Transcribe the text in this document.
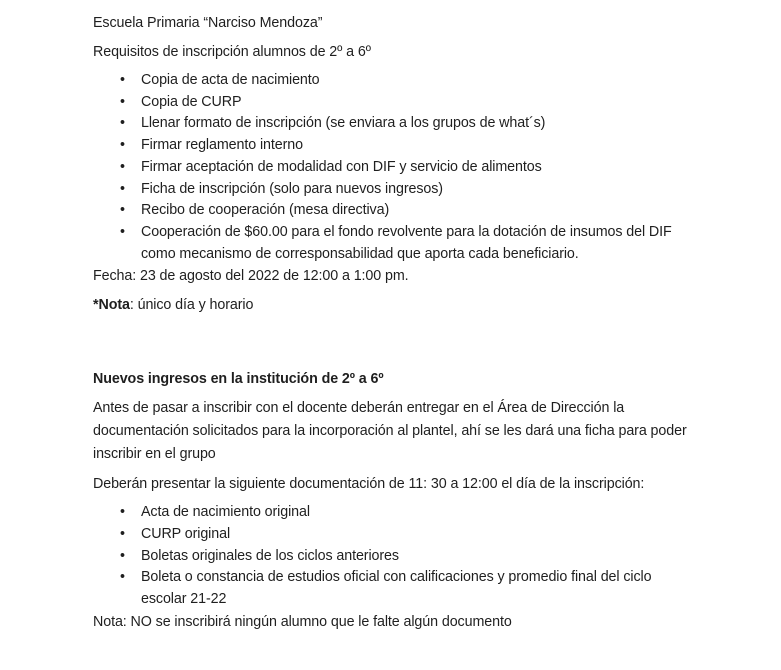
Escuela Primaria “Narciso Mendoza”

Requisitos de inscripción alumnos de 2º a 6º

• Copia de acta de nacimiento
• Copia de CURP
• Llenar formato de inscripción (se enviara a los grupos de what´s)
• Firmar reglamento interno
• Firmar aceptación de modalidad con DIF y servicio de alimentos
• Ficha de inscripción (solo para nuevos ingresos)
• Recibo de cooperación (mesa directiva)
• Cooperación de $60.00 para el fondo revolvente para la dotación de insumos del DIF como mecanismo de corresponsabilidad que aporta cada beneficiario.

Fecha: 23 de agosto del 2022 de 12:00 a 1:00 pm.

*Nota: único día y horario

Nuevos ingresos en la institución de 2º a 6º

Antes de pasar a inscribir con el docente deberán entregar en el Área de Dirección la documentación solicitados para la incorporación al plantel, ahí se les dará una ficha para poder inscribir en el grupo

Deberán presentar la siguiente documentación de 11: 30 a 12:00 el día de la inscripción:

• Acta de nacimiento original
• CURP original
• Boletas originales de los ciclos anteriores
• Boleta o constancia de estudios oficial con calificaciones y promedio final del ciclo escolar 21-22

Nota: NO se inscribirá ningún alumno que le falte algún documento
